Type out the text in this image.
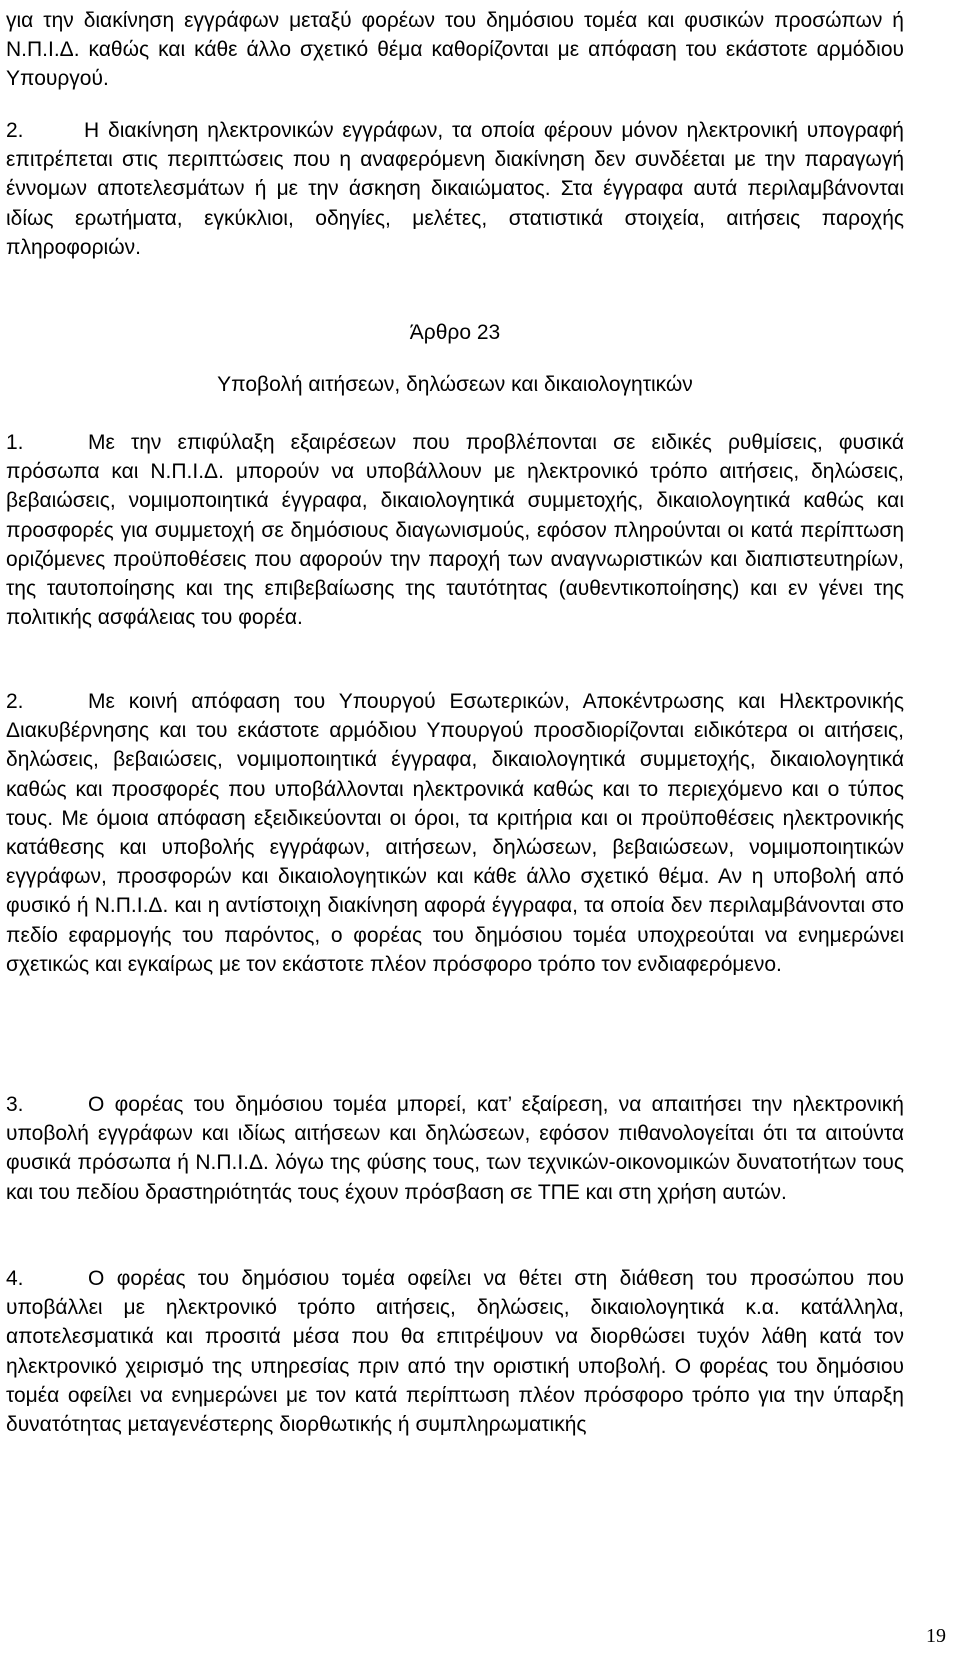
για την διακίνηση εγγράφων μεταξύ φορέων του δημόσιου τομέα και φυσικών προσώπων ή Ν.Π.Ι.Δ. καθώς και κάθε άλλο σχετικό θέμα καθορίζονται με απόφαση του εκάστοτε αρμόδιου Υπουργού.

2.	Η διακίνηση ηλεκτρονικών εγγράφων, τα οποία φέρουν μόνον ηλεκτρονική υπογραφή επιτρέπεται στις περιπτώσεις που η αναφερόμενη διακίνηση δεν συνδέεται με την παραγωγή έννομων αποτελεσμάτων ή με την άσκηση δικαιώματος. Στα έγγραφα αυτά περιλαμβάνονται ιδίως ερωτήματα, εγκύκλιοι, οδηγίες, μελέτες, στατιστικά στοιχεία, αιτήσεις παροχής πληροφοριών.

Άρθρο 23

Υποβολή αιτήσεων, δηλώσεων και δικαιολογητικών

1.	Με την επιφύλαξη εξαιρέσεων που προβλέπονται σε ειδικές ρυθμίσεις, φυσικά πρόσωπα και Ν.Π.Ι.Δ. μπορούν να υποβάλλουν με ηλεκτρονικό τρόπο αιτήσεις, δηλώσεις, βεβαιώσεις, νομιμοποιητικά έγγραφα, δικαιολογητικά συμμετοχής, δικαιολογητικά καθώς και προσφορές για συμμετοχή σε δημόσιους διαγωνισμούς, εφόσον πληρούνται οι κατά περίπτωση οριζόμενες προϋποθέσεις που αφορούν την παροχή των αναγνωριστικών και διαπιστευτηρίων, της ταυτοποίησης και της επιβεβαίωσης της ταυτότητας (αυθεντικοποίησης) και εν γένει της πολιτικής ασφάλειας του φορέα.

2.	Με κοινή απόφαση του Υπουργού Εσωτερικών, Αποκέντρωσης και Ηλεκτρονικής Διακυβέρνησης και του εκάστοτε αρμόδιου Υπουργού προσδιορίζονται ειδικότερα οι αιτήσεις, δηλώσεις, βεβαιώσεις, νομιμοποιητικά έγγραφα, δικαιολογητικά συμμετοχής, δικαιολογητικά καθώς και προσφορές που υποβάλλονται ηλεκτρονικά καθώς και το περιεχόμενο και ο τύπος τους. Με όμοια απόφαση εξειδικεύονται οι όροι, τα κριτήρια και οι προϋποθέσεις ηλεκτρονικής κατάθεσης και υποβολής εγγράφων, αιτήσεων, δηλώσεων, βεβαιώσεων, νομιμοποιητικών εγγράφων, προσφορών και δικαιολογητικών και κάθε άλλο σχετικό θέμα. Αν η υποβολή από φυσικό ή Ν.Π.Ι.Δ. και η αντίστοιχη διακίνηση αφορά έγγραφα, τα οποία δεν περιλαμβάνονται στο πεδίο εφαρμογής του παρόντος, ο φορέας του δημόσιου τομέα υποχρεούται να ενημερώνει σχετικώς και εγκαίρως με τον εκάστοτε πλέον πρόσφορο τρόπο τον ενδιαφερόμενο.

3.	Ο φορέας του δημόσιου τομέα μπορεί, κατ’ εξαίρεση, να απαιτήσει την ηλεκτρονική υποβολή εγγράφων και ιδίως αιτήσεων και δηλώσεων, εφόσον πιθανολογείται ότι τα αιτούντα φυσικά πρόσωπα ή Ν.Π.Ι.Δ. λόγω της φύσης τους, των τεχνικών-οικονομικών δυνατοτήτων τους και του πεδίου δραστηριότητάς τους έχουν πρόσβαση σε ΤΠΕ και στη χρήση αυτών.

4.	Ο φορέας του δημόσιου τομέα οφείλει να θέτει στη διάθεση του προσώπου που υποβάλλει με ηλεκτρονικό τρόπο αιτήσεις, δηλώσεις, δικαιολογητικά κ.α. κατάλληλα, αποτελεσματικά και προσιτά μέσα που θα επιτρέψουν να διορθώσει τυχόν λάθη κατά τον ηλεκτρονικό χειρισμό της υπηρεσίας πριν από την οριστική υποβολή. Ο φορέας του δημόσιου τομέα οφείλει να ενημερώνει με τον κατά περίπτωση πλέον πρόσφορο τρόπο για την ύπαρξη δυνατότητας μεταγενέστερης διορθωτικής ή συμπληρωματικής

19
